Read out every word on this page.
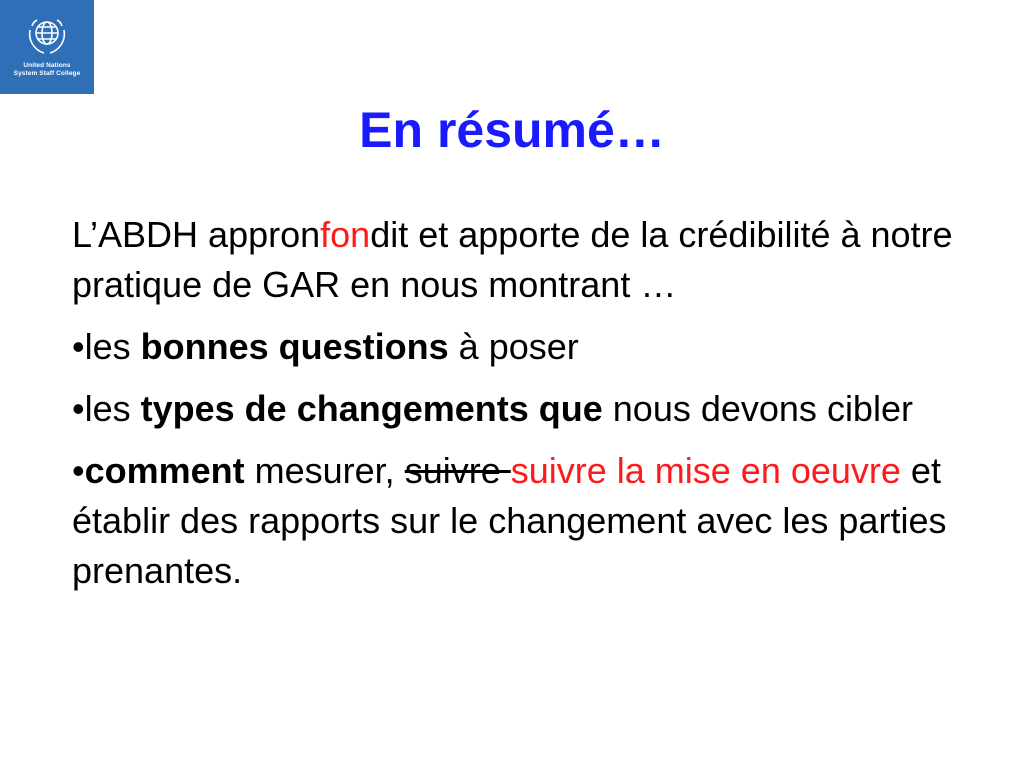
United Nations
System Staff College
En résumé…

L’ABDH appronfondit et apporte de la crédibilité à notre pratique de GAR en nous montrant …

•les bonnes questions à poser

•les types de changements que nous devons cibler

•comment mesurer, suivre suivre la mise en oeuvre et établir des rapports sur le changement avec les parties prenantes.
